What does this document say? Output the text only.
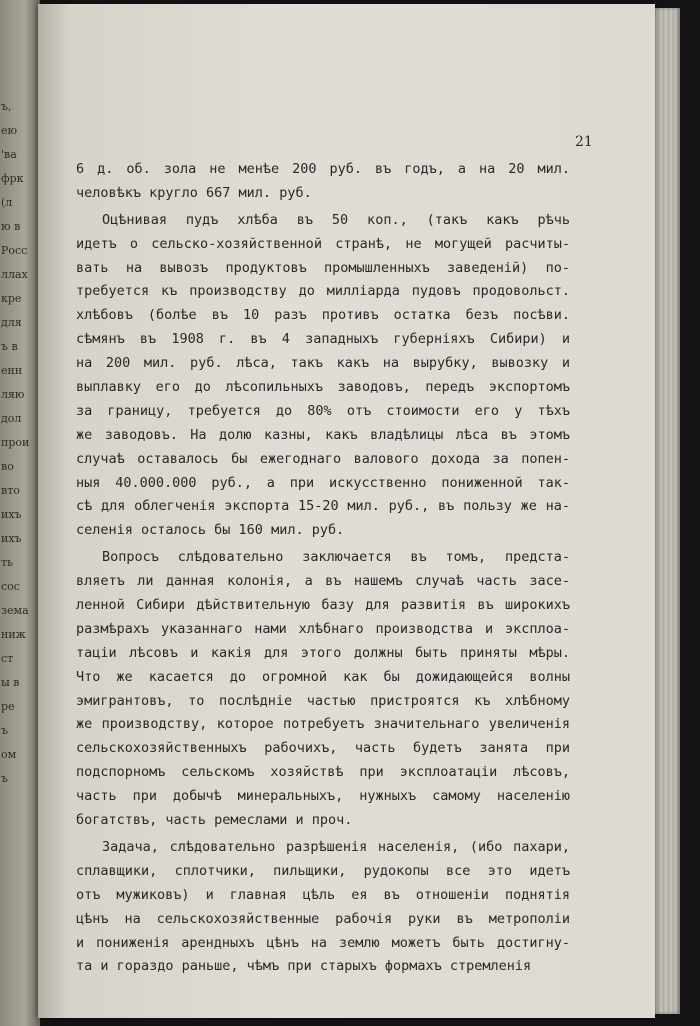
ъ,
ею
'ва
фрк
(л
ю в
Росс
ллах
кре
для
ъ в
енн
ляю
дол
прои
во
вто
ихъ
ихъ
ть
сос
зема
ниж
ст
ы в
ре
ъ
ом
ъ
21
6 д. об. зола не менѣе 200 руб. въ годъ, а на 20 мил.
человѣкъ кругло 667 мил. руб.
Оцѣнивая пудъ хлѣба въ 50 коп., (такъ какъ рѣчь
идетъ о сельско-хозяйственной странѣ, не могущей расчиты-
вать на вывозъ продуктовъ промышленныхъ заведеній) по-
требуется къ производству до милліарда пудовъ продовольст.
хлѣбовъ (болѣе въ 10 разъ противъ остатка безъ посѣви.
сѣмянъ въ 1908 г. въ 4 западныхъ губерніяхъ Сибири) и
на 200 мил. руб. лѣса, такъ какъ на вырубку, вывозку и
выплавку его до лѣсопильныхъ заводовъ, передъ экспортомъ
за границу, требуется до 80% отъ стоимости его у тѣхъ
же заводовъ. На долю казны, какъ владѣлицы лѣса въ этомъ
случаѣ оставалось бы ежегоднаго валового дохода за попен-
ныя 40.000.000 руб., а при искусственно пониженной так-
сѣ для облегченія экспорта 15-20 мил. руб., въ пользу же на-
селенія осталось бы 160 мил. руб.
Вопросъ слѣдовательно заключается въ томъ, предста-
вляетъ ли данная колонія, а въ нашемъ случаѣ часть засе-
ленной Сибири дѣйствительную базу для развитія въ широкихъ
размѣрахъ указаннаго нами хлѣбнаго производства и эксплоа-
таціи лѣсовъ и какія для этого должны быть приняты мѣры.
Что же касается до огромной как бы дожидающейся волны
эмигрантовъ, то послѣдніе частью пристроятся къ хлѣбному
же производству, которое потребуетъ значительнаго увеличенія
сельскохозяйственныхъ рабочихъ, часть будетъ занята при
подспорномъ сельскомъ хозяйствѣ при эксплоатаціи лѣсовъ,
часть при добычѣ минеральныхъ, нужныхъ самому населенію
богатствъ, часть ремеслами и проч.
Задача, слѣдовательно разрѣшенія населенія, (ибо пахари,
сплавщики, сплотчики, пильщики, рудокопы все это идетъ
отъ мужиковъ) и главная цѣль ея въ отношеніи поднятія
цѣнъ на сельскохозяйственные рабочія руки въ метрополіи
и пониженія арендныхъ цѣнъ на землю можетъ быть достигну-
та и гораздо раньше, чѣмъ при старыхъ формахъ стремленія
